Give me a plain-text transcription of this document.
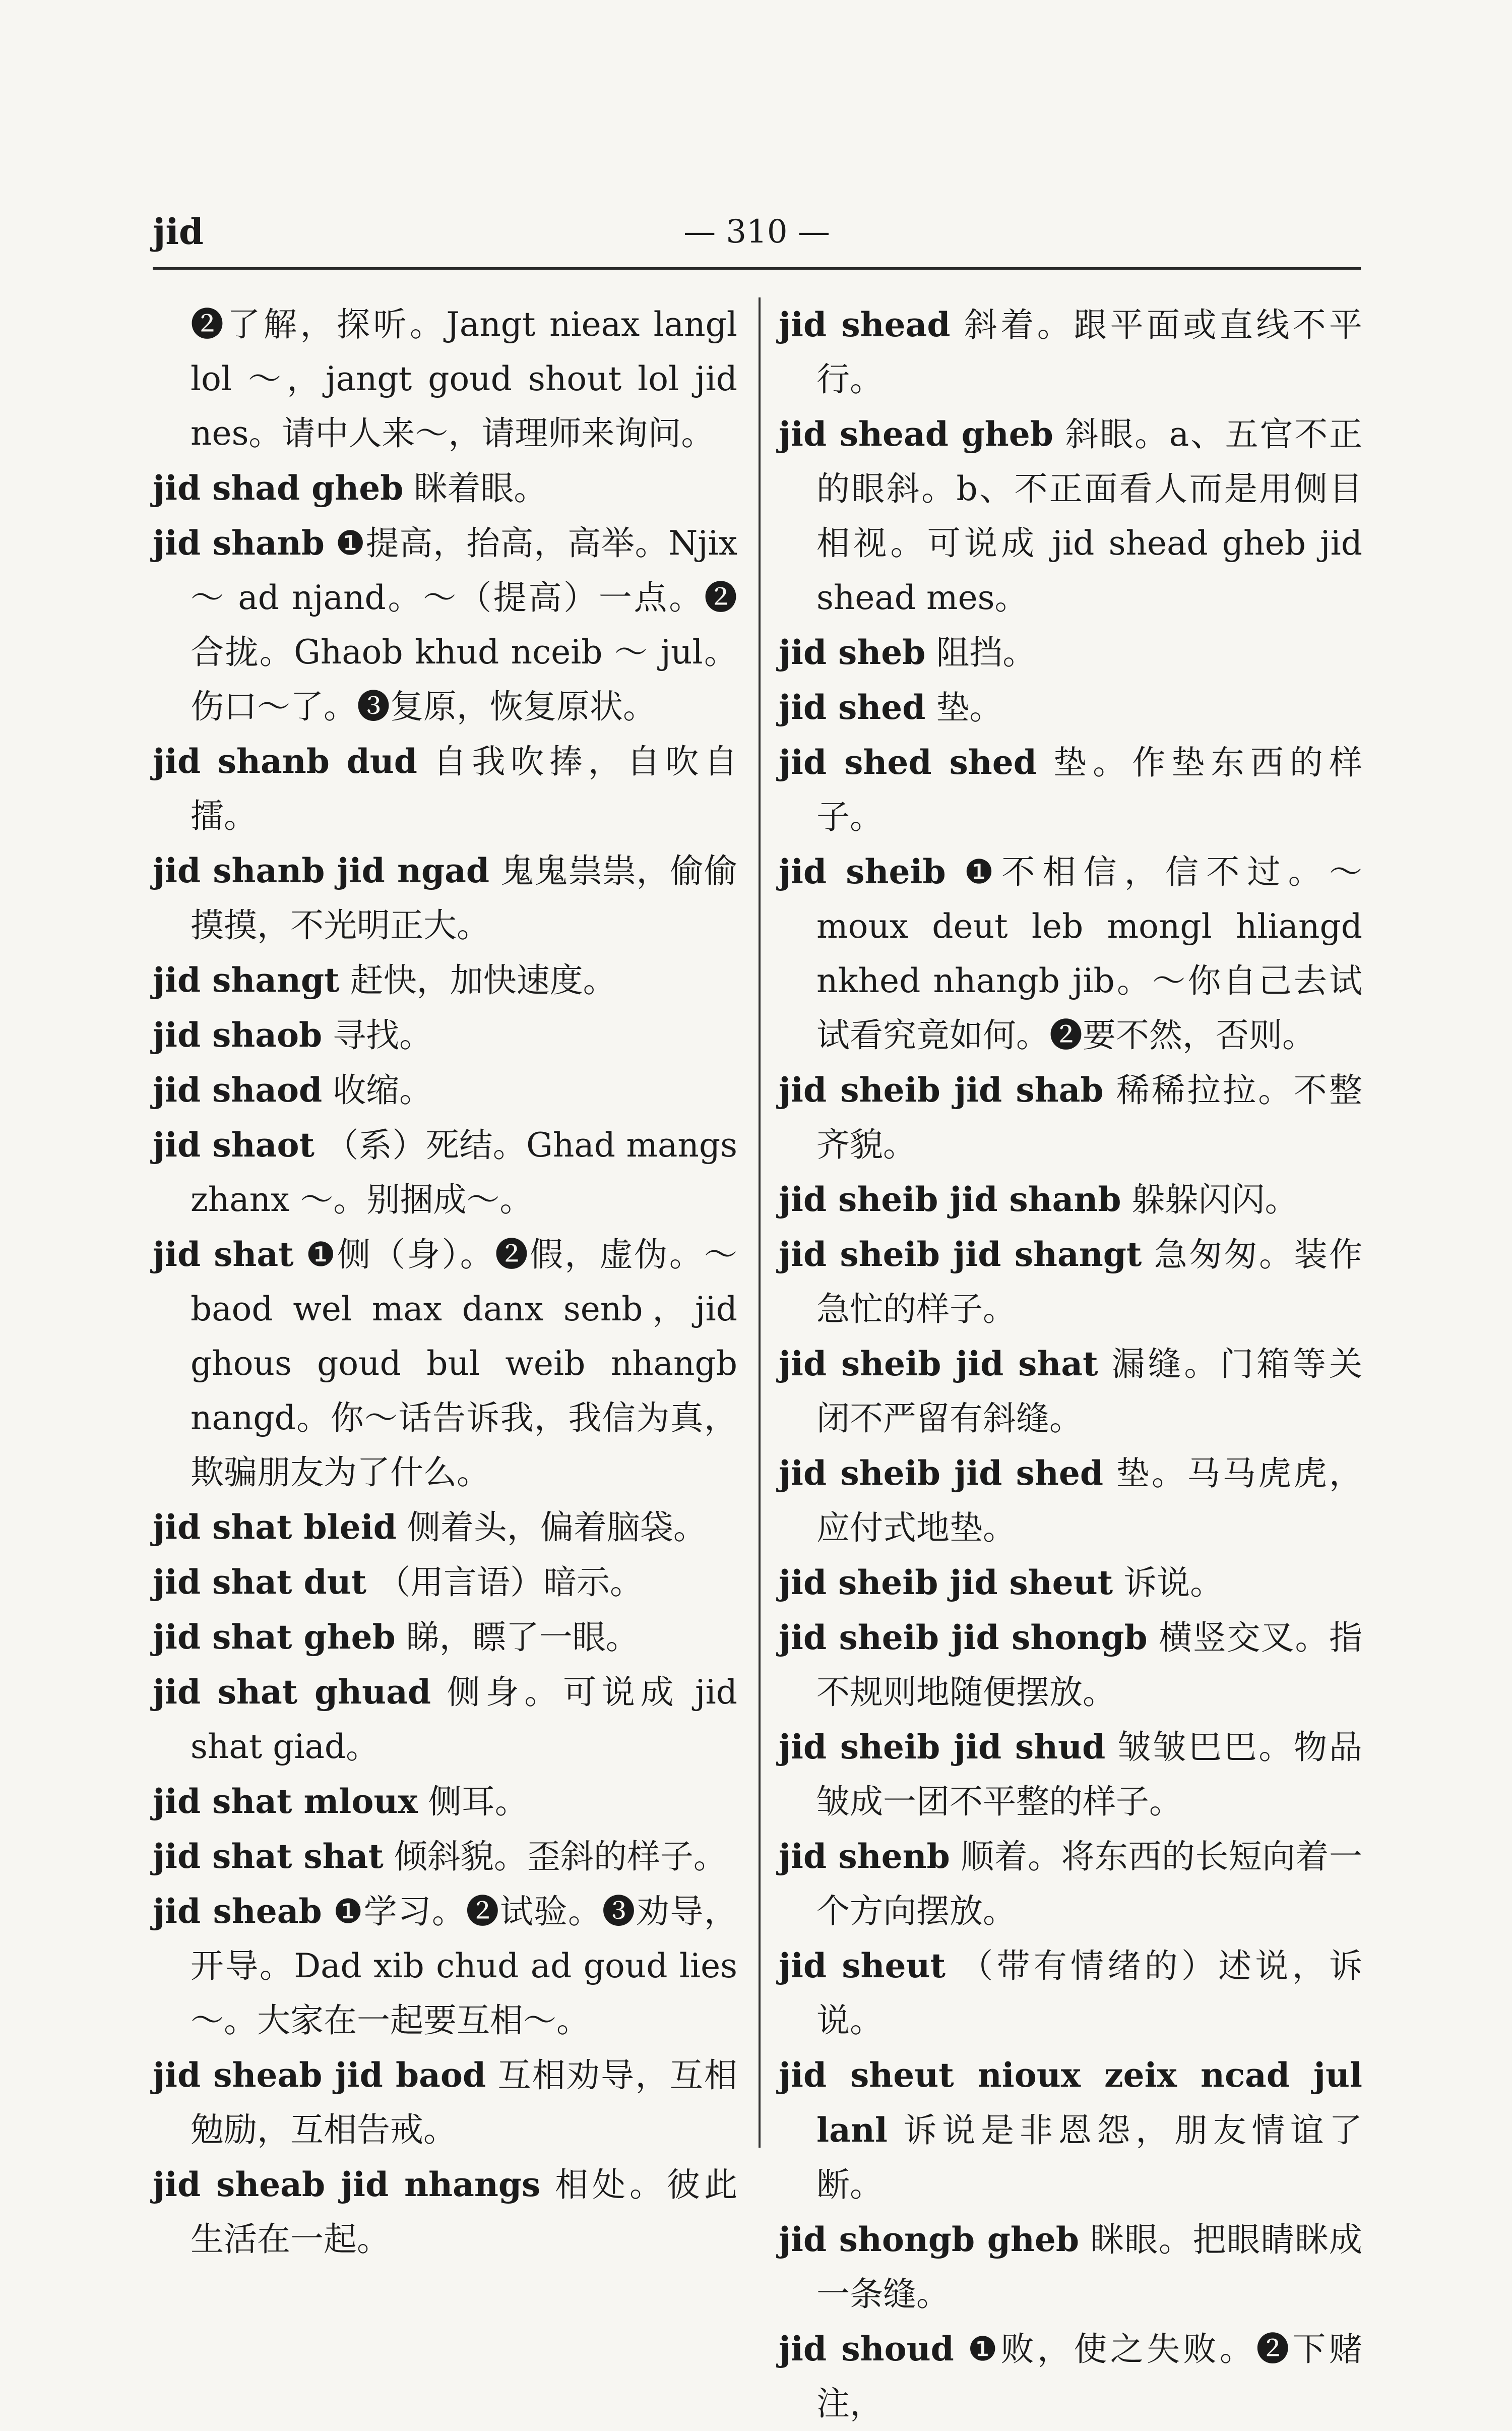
jid	— 310 —

❷了解，探听。Jangt nieax langl lol ～，jangt goud shout lol jid nes。请中人来～，请理师来询问。

jid shad gheb 眯着眼。

jid shanb ❶提高，抬高，高举。Njix ～ ad njand。～（提高）一点。❷合拢。Ghaob khud nceib ～ jul。伤口～了。❸复原，恢复原状。

jid shanb dud 自我吹捧，自吹自擂。

jid shanb jid ngad 鬼鬼祟祟，偷偷摸摸，不光明正大。

jid shangt 赶快，加快速度。

jid shaob 寻找。

jid shaod 收缩。

jid shaot （系）死结。Ghad mangs zhanx ～。别捆成～。

jid shat ❶侧（身）。❷假，虚伪。～baod wel max danx senb，jid ghous goud bul weib nhangb nangd。你～话告诉我，我信为真，欺骗朋友为了什么。

jid shat bleid 侧着头，偏着脑袋。

jid shat dut （用言语）暗示。

jid shat gheb 睇，瞟了一眼。

jid shat ghuad 侧身。可说成 jid shat giad。

jid shat mloux 侧耳。

jid shat shat 倾斜貌。歪斜的样子。

jid sheab ❶学习。❷试验。❸劝导，开导。Dad xib chud ad goud lies ～。大家在一起要互相～。

jid sheab jid baod 互相劝导，互相勉励，互相告戒。

jid sheab jid nhangs 相处。彼此生活在一起。

jid shead 斜着。跟平面或直线不平行。

jid shead gheb 斜眼。a、五官不正的眼斜。b、不正面看人而是用侧目相视。可说成 jid shead gheb jid shead mes。

jid sheb 阻挡。

jid shed 垫。

jid shed shed 垫。作垫东西的样子。

jid sheib ❶不相信，信不过。～ moux deut leb mongl hliangd nkhed nhangb jib。～你自己去试试看究竟如何。❷要不然，否则。

jid sheib jid shab 稀稀拉拉。不整齐貌。

jid sheib jid shanb 躲躲闪闪。

jid sheib jid shangt 急匆匆。装作急忙的样子。

jid sheib jid shat 漏缝。门箱等关闭不严留有斜缝。

jid sheib jid shed 垫。马马虎虎，应付式地垫。

jid sheib jid sheut 诉说。

jid sheib jid shongb 横竖交叉。指不规则地随便摆放。

jid sheib jid shud 皱皱巴巴。物品皱成一团不平整的样子。

jid shenb 顺着。将东西的长短向着一个方向摆放。

jid sheut （带有情绪的）述说，诉说。

jid sheut nioux zeix ncad jul lanl 诉说是非恩怨，朋友情谊了断。

jid shongb gheb 眯眼。把眼睛眯成一条缝。

jid shoud ❶败，使之失败。❷下赌注，
